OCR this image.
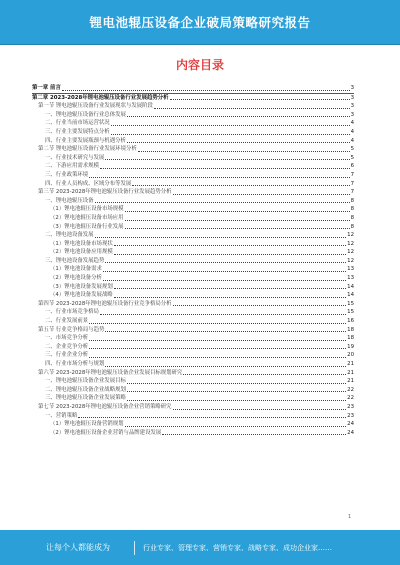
锂电池辊压设备企业破局策略研究报告
内容目录
第一章 前言	3
第二章 2023-2028年锂电池辊压设备行业发展趋势分析	3
第一节 锂电池辊压设备行业发展现状与发展阶段	3
一、锂电池辊压设备行业总体发展	3
二、行业当前市场运营状况	4
三、行业主要发展特点分析	4
四、行业主要发展瓶颈与机遇分析	4
第二节 锂电池辊压设备行业发展环境分析	5
一、行业技术研究与发展	5
二、下游应用需求规模	6
三、行业政策环境	7
四、行业人员构成、区域分布等发展	7
第三节 2023-2028年锂电池辊压设备行业发展趋势分析	7
一、锂电池辊压设备	8
（1）锂电池辊压设备市场规模	8
（2）锂电池辊压设备市场应用	8
（3）锂电池辊压设备行业发展	8
二、锂电池设备发展	12
（1）锂电池设备市场现状	12
（2）锂电池设备应用规模	12
三、锂电池设备发展趋势	12
（1）锂电池设备需求	13
（2）锂电池设备分析	13
（3）锂电池设备发展规划	14
（4）锂电池设备发展战略	14
第四节 2023-2028年锂电池辊压设备行业竞争格局分析	15
一、行业市场竞争格局	15
二、行业发展前景	16
第五节 行业竞争格局与趋势	18
一、市场竞争分析	18
二、企业竞争分析	19
三、行业企业分析	20
四、行业市场分析与规划	21
第六节 2023-2028年锂电池辊压设备企业发展目标规划研究	21
一、锂电池辊压设备企业发展目标	21
二、锂电池辊压设备企业战略规划	22
三、锂电池辊压设备企业发展策略	22
第七节 2023-2028年锂电池辊压设备企业营销策略研究	23
一、营销策略	23
（1）锂电池辊压设备营销规划	24
（2）锂电池辊压设备企业营销与品牌建设发展	24
1
让每个人都能成为	行业专家、管理专家、营销专家、战略专家、成功企业家……
